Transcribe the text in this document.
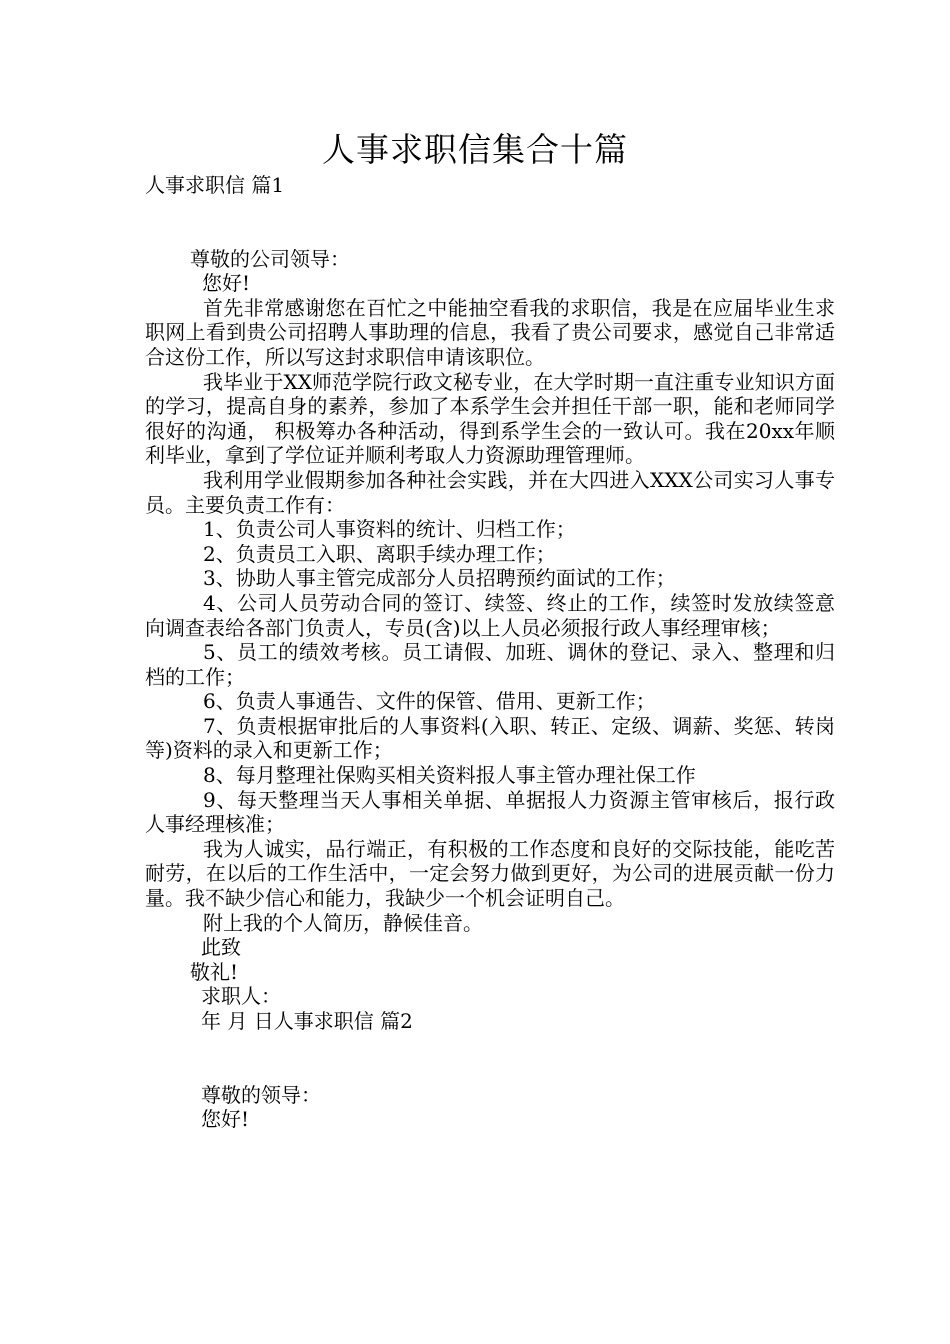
人事求职信集合十篇
人事求职信 篇1
尊敬的公司领导：
您好!

首先非常感谢您在百忙之中能抽空看我的求职信，我是在应届毕业生求职网上看到贵公司招聘人事助理的信息，我看了贵公司要求，感觉自己非常适合这份工作，所以写这封求职信申请该职位。

我毕业于XX师范学院行政文秘专业，在大学时期一直注重专业知识方面的学习，提高自身的素养，参加了本系学生会并担任干部一职，能和老师同学很好的沟通， 积极筹办各种活动，得到系学生会的一致认可。我在20xx年顺利毕业，拿到了学位证并顺利考取人力资源助理管理师。

我利用学业假期参加各种社会实践，并在大四进入XXX公司实习人事专员。主要负责工作有：

1、负责公司人事资料的统计、归档工作；

2、负责员工入职、离职手续办理工作；

3、协助人事主管完成部分人员招聘预约面试的工作；

4、公司人员劳动合同的签订、续签、终止的工作，续签时发放续签意向调查表给各部门负责人，专员(含)以上人员必须报行政人事经理审核；

5、员工的绩效考核。员工请假、加班、调休的登记、录入、整理和归档的工作；

6、负责人事通告、文件的保管、借用、更新工作；

7、负责根据审批后的人事资料(入职、转正、定级、调薪、奖惩、转岗等)资料的录入和更新工作；

8、每月整理社保购买相关资料报人事主管办理社保工作

9、每天整理当天人事相关单据、单据报人力资源主管审核后，报行政人事经理核准；

我为人诚实，品行端正，有积极的工作态度和良好的交际技能，能吃苦耐劳，在以后的工作生活中，一定会努力做到更好，为公司的进展贡献一份力量。我不缺少信心和能力，我缺少一个机会证明自己。

附上我的个人简历，静候佳音。

此致
敬礼!
求职人：
年 月 日人事求职信 篇2
尊敬的领导：
您好!
